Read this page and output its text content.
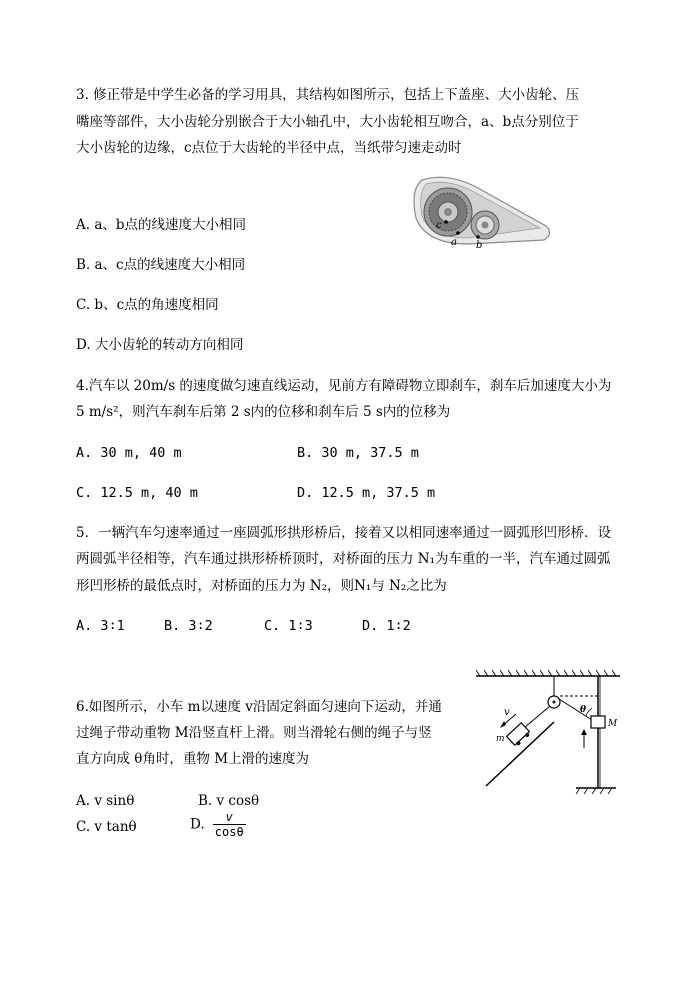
3. 修正带是中学生必备的学习用具，其结构如图所示，包括上下盖座、大小齿轮、压
嘴座等部件，大小齿轮分别嵌合于大小轴孔中，大小齿轮相互吻合，a、b点分别位于
大小齿轮的边缘，c点位于大齿轮的半径中点，当纸带匀速走动时
A. a、b点的线速度大小相同
B. a、c点的线速度大小相同
C. b、c点的角速度相同
D. 大小齿轮的转动方向相同
c
a b
4.汽车以 20m/s 的速度做匀速直线运动，见前方有障碍物立即刹车，刹车后加速度大小为
5 m/s²，则汽车刹车后第 2 s内的位移和刹车后 5 s内的位移为
A. 30 m, 40 m	B. 30 m, 37.5 m
C. 12.5 m, 40 m	D. 12.5 m, 37.5 m
5．一辆汽车匀速率通过一座圆弧形拱形桥后，接着又以相同速率通过一圆弧形凹形桥．设
两圆弧半径相等，汽车通过拱形桥桥顶时，对桥面的压力 N₁为车重的一半，汽车通过圆弧
形凹形桥的最低点时，对桥面的压力为 N₂，则N₁与 N₂之比为
A. 3∶1	B. 3∶2	C. 1∶3	D. 1∶2
6.如图所示，小车 m以速度 v沿固定斜面匀速向下运动，并通
过绳子带动重物 M沿竖直杆上滑。则当滑轮右侧的绳子与竖
直方向成 θ角时，重物 M上滑的速度为
A. v sinθ	B. v cosθ
C. v tanθ	D. $\frac{v}{\cos\theta}$
v
m
M
θ
